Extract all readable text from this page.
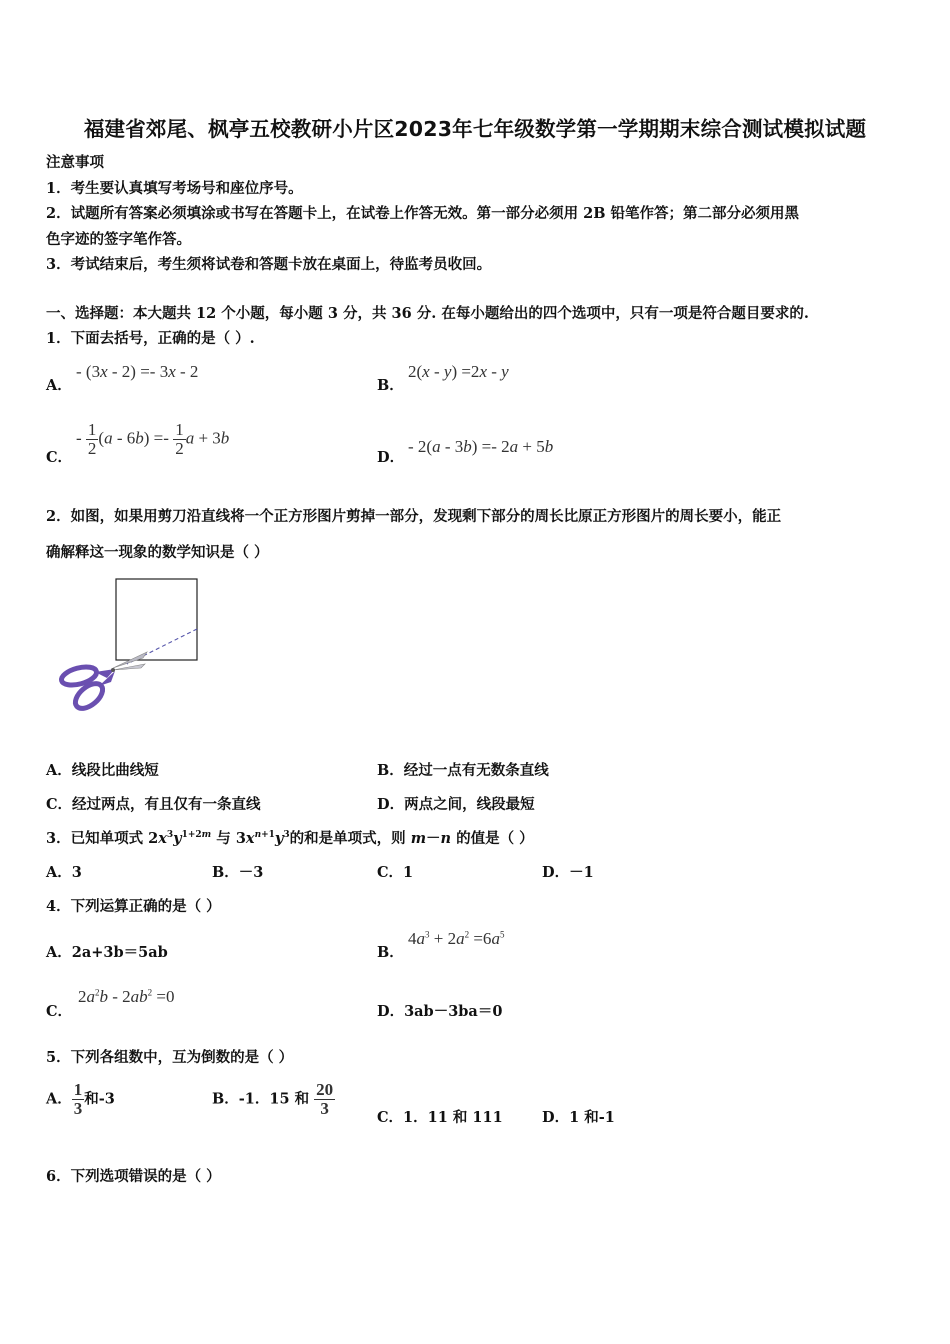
福建省郊尾、枫亭五校教研小片区2023年七年级数学第一学期期末综合测试模拟试题
注意事项
1．考生要认真填写考场号和座位序号。
2．试题所有答案必须填涂或书写在答题卡上，在试卷上作答无效。第一部分必须用 2B 铅笔作答；第二部分必须用黑
色字迹的签字笔作答。
3．考试结束后，考生须将试卷和答题卡放在桌面上，待监考员收回。
一、选择题：本大题共 12 个小题，每小题 3 分，共 36 分. 在每小题给出的四个选项中，只有一项是符合题目要求的.
1．下面去括号，正确的是（ ）.
A．
- (3x - 2) =- 3x - 2
B．
2(x - y) =2x - y
C．
- $\frac{1}{2} (a - 6b) =- \frac{1}{2}$ a + 3b
D．
- 2(a - 3b) =- 2a + 5b
2．如图，如果用剪刀沿直线将一个正方形图片剪掉一部分，发现剩下部分的周长比原正方形图片的周长要小，能正
确解释这一现象的数学知识是（ ）
A．线段比曲线短	B．经过一点有无数条直线
C．经过两点，有且仅有一条直线	D．两点之间，线段最短
3．已知单项式 $2x^3y^{1+2m}$ 与 $3x^{n+1}y^3$的和是单项式，则 m－n 的值是（ ）
A．3	B．－3	C．1	D．－1
4．下列运算正确的是（ ）
A．2a+3b＝5ab	B．
$4a^3 + 2a^2 =6a^5$
C．
$2a^2b - 2ab^2 =0$
D．3ab－3ba＝0
5．下列各组数中，互为倒数的是（ ）
A． $\frac{1}{3}$ 和-3	B．-1．15 和 $\frac{20}{3}$	C．1．11 和 111	D．1 和-1
6．下列选项错误的是（ ）
